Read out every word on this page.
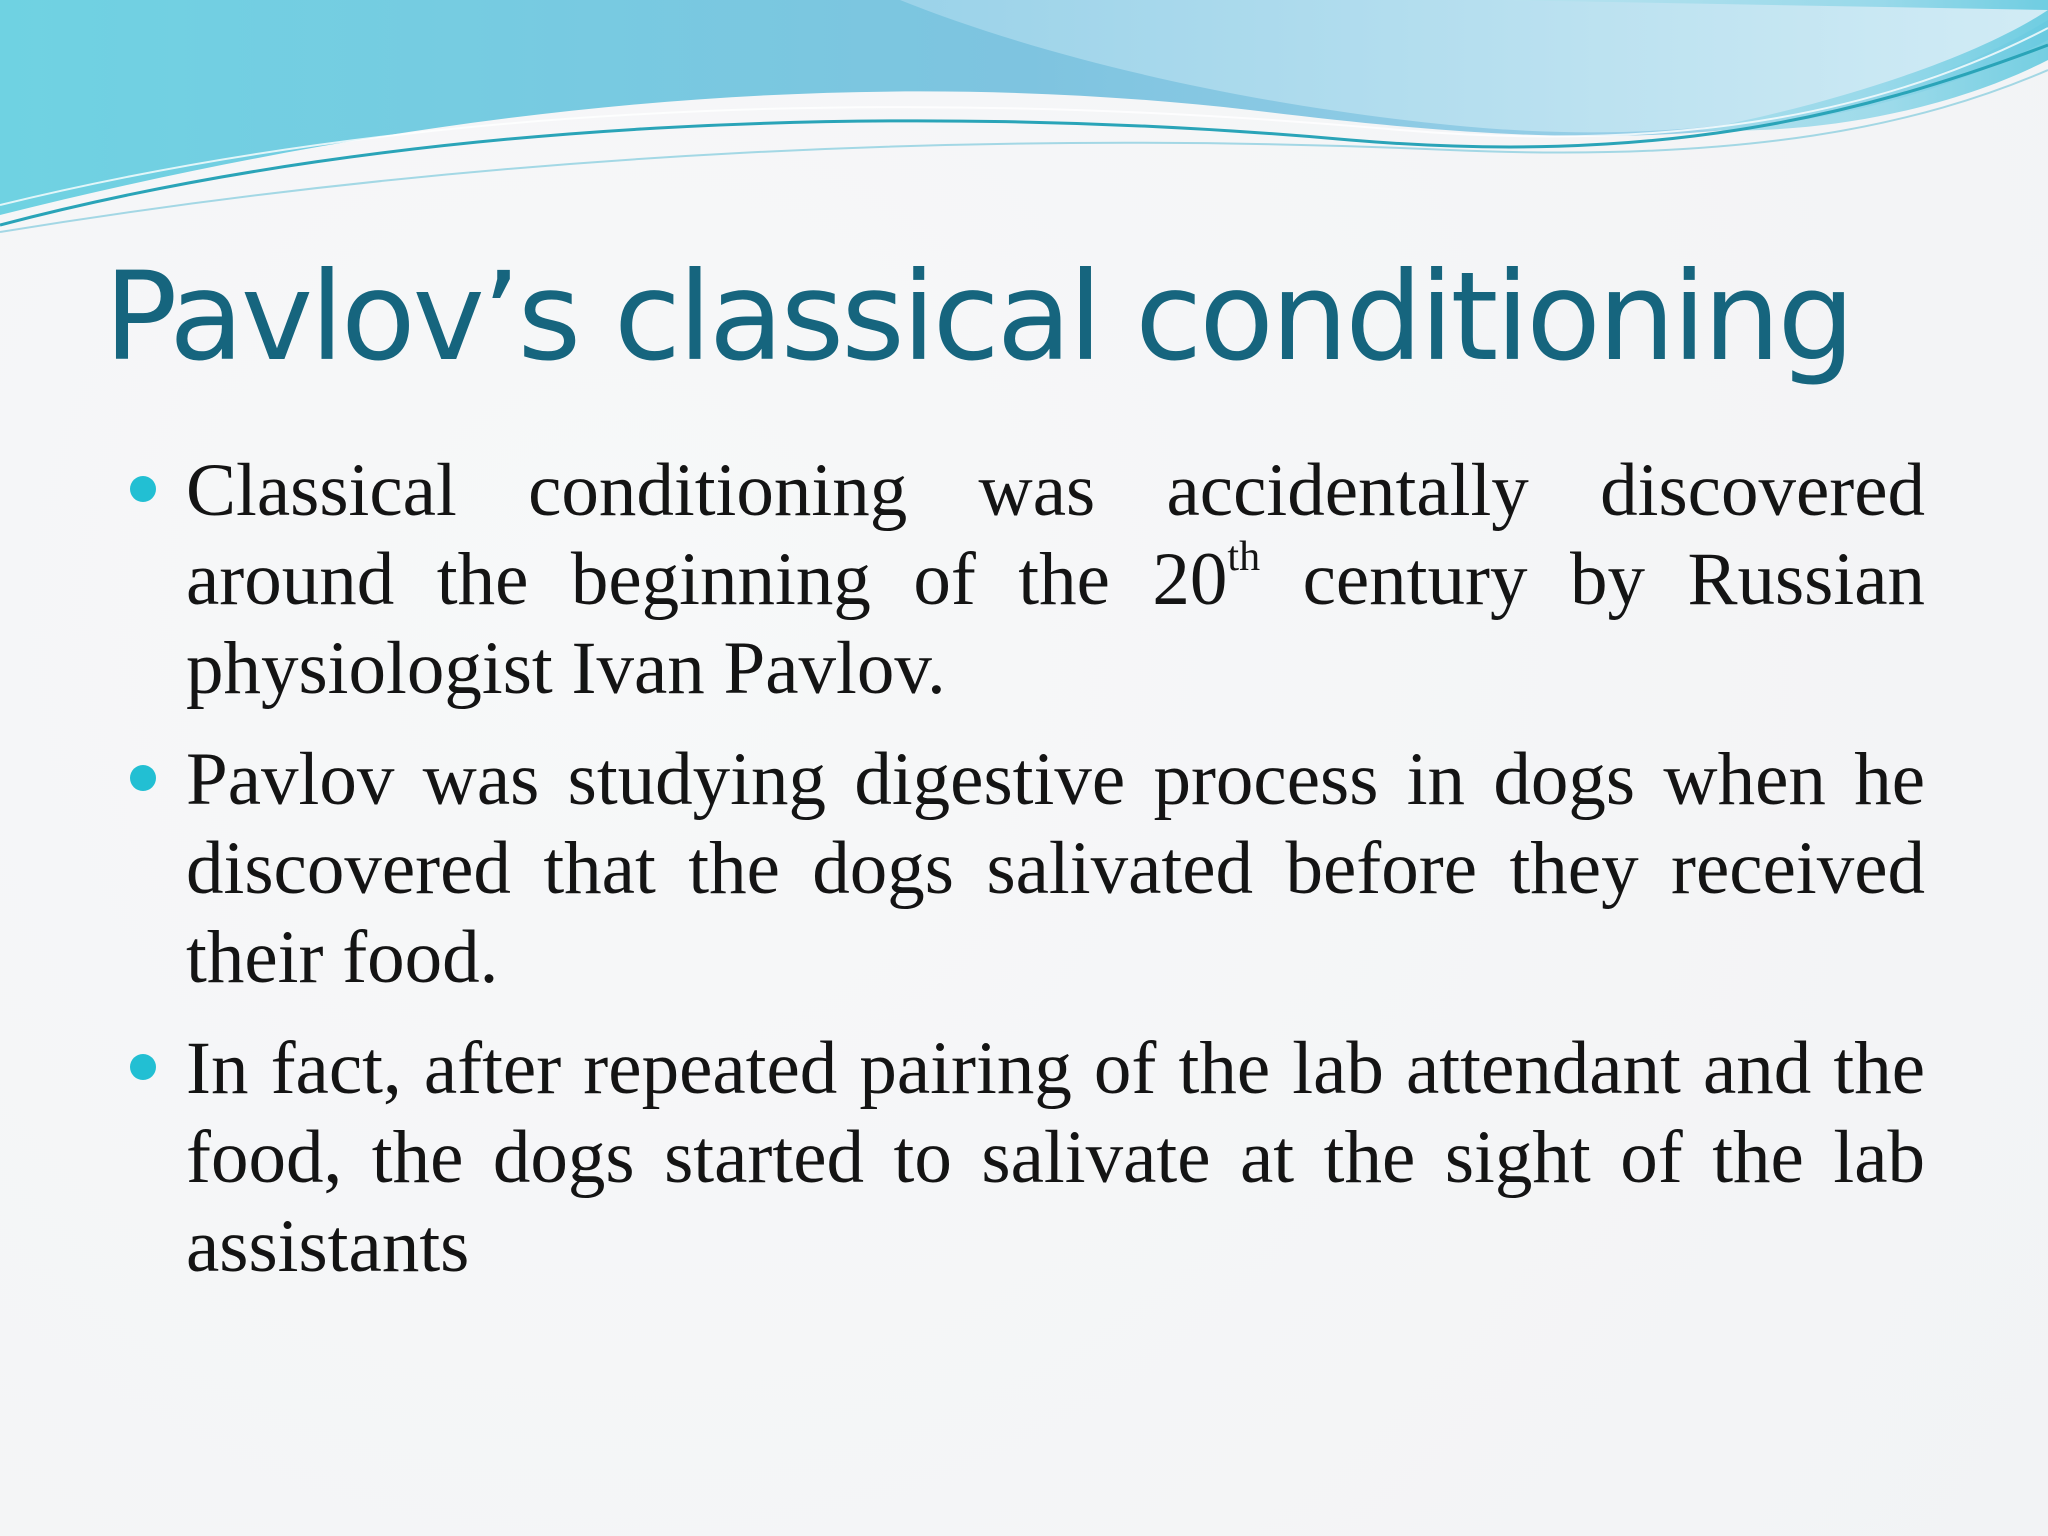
Pavlov’s classical conditioning
Classical conditioning was accidentally discovered around the beginning of the 20th century by Russian physiologist Ivan Pavlov.
Pavlov was studying digestive process in dogs when he discovered that the dogs salivated before they received their food.
In fact, after repeated pairing of the lab attendant and the food, the dogs started to salivate at the sight of the lab assistants
